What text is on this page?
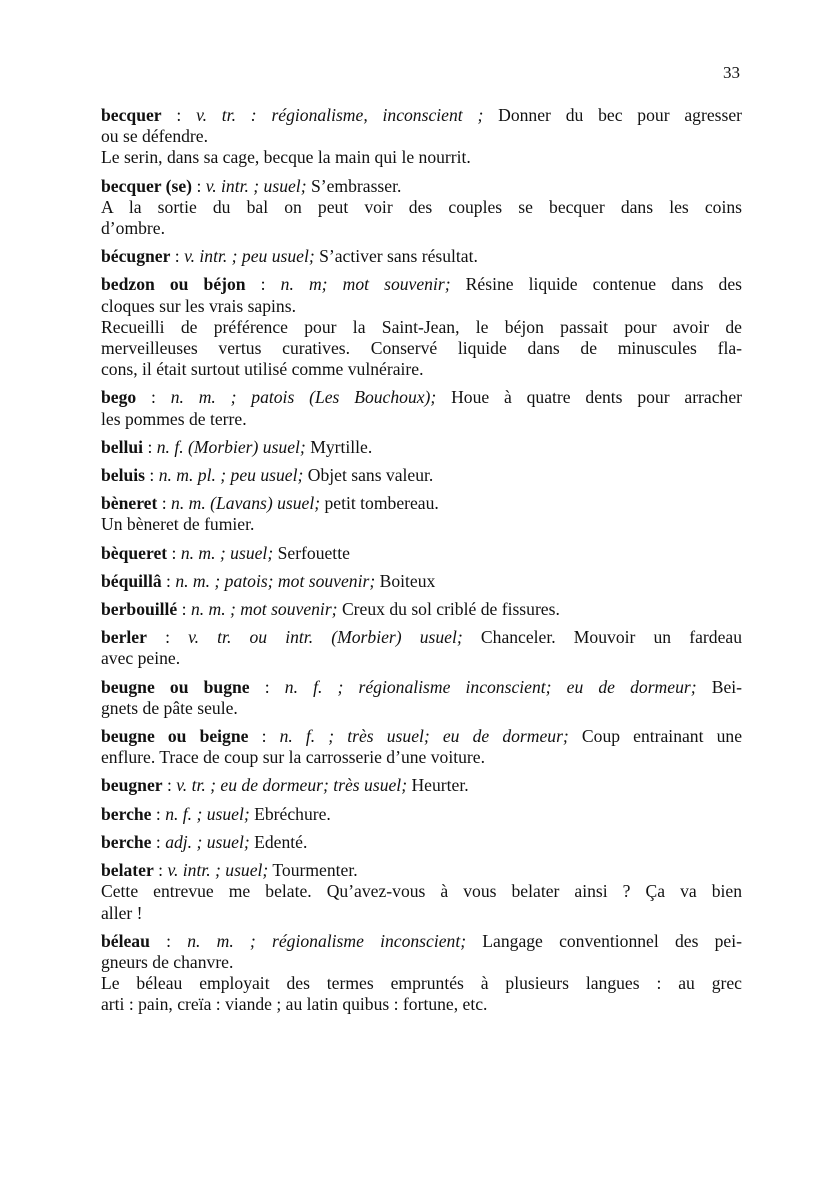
33

becquer : v. tr. : régionalisme, inconscient ; Donner du bec pour agresser

ou se défendre.

Le serin, dans sa cage, becque la main qui le nourrit.

becquer (se) : v. intr. ; usuel; S’embrasser.

A la sortie du bal on peut voir des couples se becquer dans les coins

d’ombre.

bécugner : v. intr. ; peu usuel; S’activer sans résultat.

bedzon ou béjon : n. m; mot souvenir; Résine liquide contenue dans des

cloques sur les vrais sapins.

Recueilli de préférence pour la Saint-Jean, le béjon passait pour avoir de

merveilleuses vertus curatives. Conservé liquide dans de minuscules fla-

cons, il était surtout utilisé comme vulnéraire.

bego : n. m. ; patois (Les Bouchoux); Houe à quatre dents pour arracher

les pommes de terre.

bellui : n. f. (Morbier) usuel; Myrtille.

beluis : n. m. pl. ; peu usuel; Objet sans valeur.

bèneret : n. m. (Lavans) usuel; petit tombereau.

Un bèneret de fumier.

bèqueret : n. m. ; usuel; Serfouette

béquillâ : n. m. ; patois; mot souvenir; Boiteux

berbouillé : n. m. ; mot souvenir; Creux du sol criblé de fissures.

berler : v. tr. ou intr. (Morbier) usuel; Chanceler. Mouvoir un fardeau

avec peine.

beugne ou bugne : n. f. ; régionalisme inconscient; eu de dormeur; Bei-

gnets de pâte seule.

beugne ou beigne : n. f. ; très usuel; eu de dormeur; Coup entrainant une

enflure. Trace de coup sur la carrosserie d’une voiture.

beugner : v. tr. ; eu de dormeur; très usuel; Heurter.

berche : n. f. ; usuel; Ebréchure.

berche : adj. ; usuel; Edenté.

belater : v. intr. ; usuel; Tourmenter.

Cette entrevue me belate. Qu’avez-vous à vous belater ainsi ? Ça va bien

aller !

béleau : n. m. ; régionalisme inconscient; Langage conventionnel des pei-

gneurs de chanvre.

Le béleau employait des termes empruntés à plusieurs langues : au grec

arti : pain, creïa : viande ; au latin quibus : fortune, etc.
